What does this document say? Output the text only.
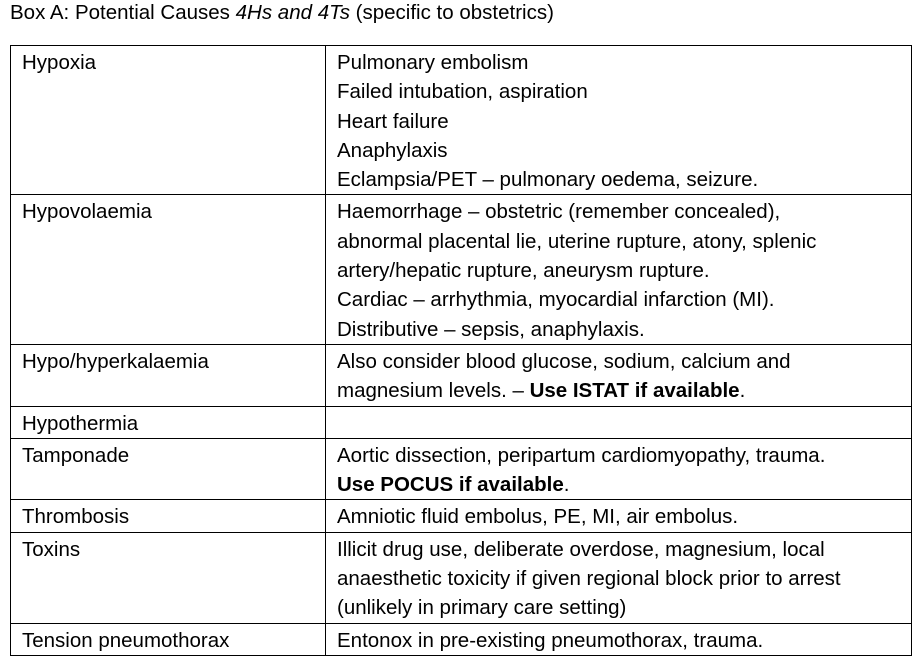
Box A: Potential Causes 4Hs and 4Ts (specific to obstetrics)
Hypoxia	Pulmonary embolism
Failed intubation, aspiration
Heart failure
Anaphylaxis
Eclampsia/PET – pulmonary oedema, seizure.

Hypovolaemia	Haemorrhage – obstetric (remember concealed),
abnormal placental lie, uterine rupture, atony, splenic
artery/hepatic rupture, aneurysm rupture.
Cardiac – arrhythmia, myocardial infarction (MI).
Distributive – sepsis, anaphylaxis.

Hypo/hyperkalaemia	Also consider blood glucose, sodium, calcium and
magnesium levels. – Use ISTAT if available.

Hypothermia	
Tamponade	Aortic dissection, peripartum cardiomyopathy, trauma.
Use POCUS if available.

Thrombosis	Amniotic fluid embolus, PE, MI, air embolus.

Toxins	Illicit drug use, deliberate overdose, magnesium, local
anaesthetic toxicity if given regional block prior to arrest
(unlikely in primary care setting)

Tension pneumothorax	Entonox in pre-existing pneumothorax, trauma.
